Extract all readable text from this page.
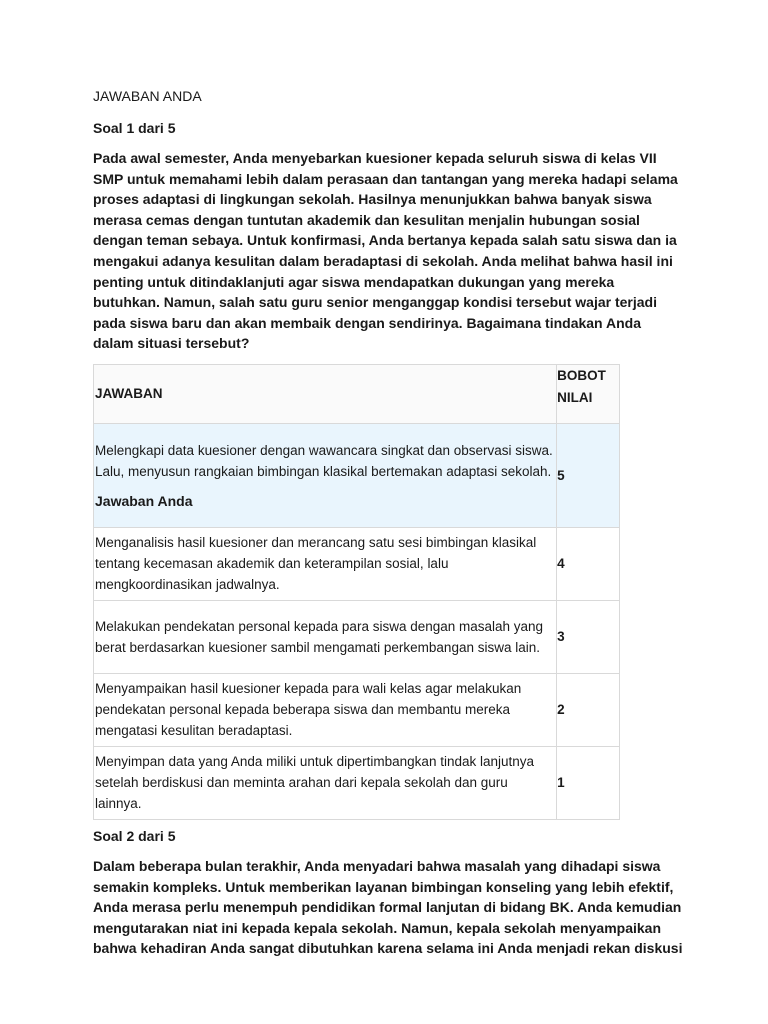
JAWABAN ANDA
Soal 1 dari 5
Pada awal semester, Anda menyebarkan kuesioner kepada seluruh siswa di kelas VII SMP untuk memahami lebih dalam perasaan dan tantangan yang mereka hadapi selama proses adaptasi di lingkungan sekolah. Hasilnya menunjukkan bahwa banyak siswa merasa cemas dengan tuntutan akademik dan kesulitan menjalin hubungan sosial dengan teman sebaya. Untuk konfirmasi, Anda bertanya kepada salah satu siswa dan ia mengakui adanya kesulitan dalam beradaptasi di sekolah. Anda melihat bahwa hasil ini penting untuk ditindaklanjuti agar siswa mendapatkan dukungan yang mereka butuhkan. Namun, salah satu guru senior menganggap kondisi tersebut wajar terjadi pada siswa baru dan akan membaik dengan sendirinya. Bagaimana tindakan Anda dalam situasi tersebut?
JAWABAN	BOBOT NILAI

Melengkapi data kuesioner dengan wawancara singkat dan observasi siswa. Lalu, menyusun rangkaian bimbingan klasikal bertemakan adaptasi sekolah.
Jawaban Anda	5
Menganalisis hasil kuesioner dan merancang satu sesi bimbingan klasikal tentang kecemasan akademik dan keterampilan sosial, lalu mengkoordinasikan jadwalnya.	4
Melakukan pendekatan personal kepada para siswa dengan masalah yang berat berdasarkan kuesioner sambil mengamati perkembangan siswa lain.	3
Menyampaikan hasil kuesioner kepada para wali kelas agar melakukan pendekatan personal kepada beberapa siswa dan membantu mereka mengatasi kesulitan beradaptasi.	2
Menyimpan data yang Anda miliki untuk dipertimbangkan tindak lanjutnya setelah berdiskusi dan meminta arahan dari kepala sekolah dan guru lainnya.	1
Soal 2 dari 5
Dalam beberapa bulan terakhir, Anda menyadari bahwa masalah yang dihadapi siswa semakin kompleks. Untuk memberikan layanan bimbingan konseling yang lebih efektif, Anda merasa perlu menempuh pendidikan formal lanjutan di bidang BK. Anda kemudian mengutarakan niat ini kepada kepala sekolah. Namun, kepala sekolah menyampaikan bahwa kehadiran Anda sangat dibutuhkan karena selama ini Anda menjadi rekan diskusi
